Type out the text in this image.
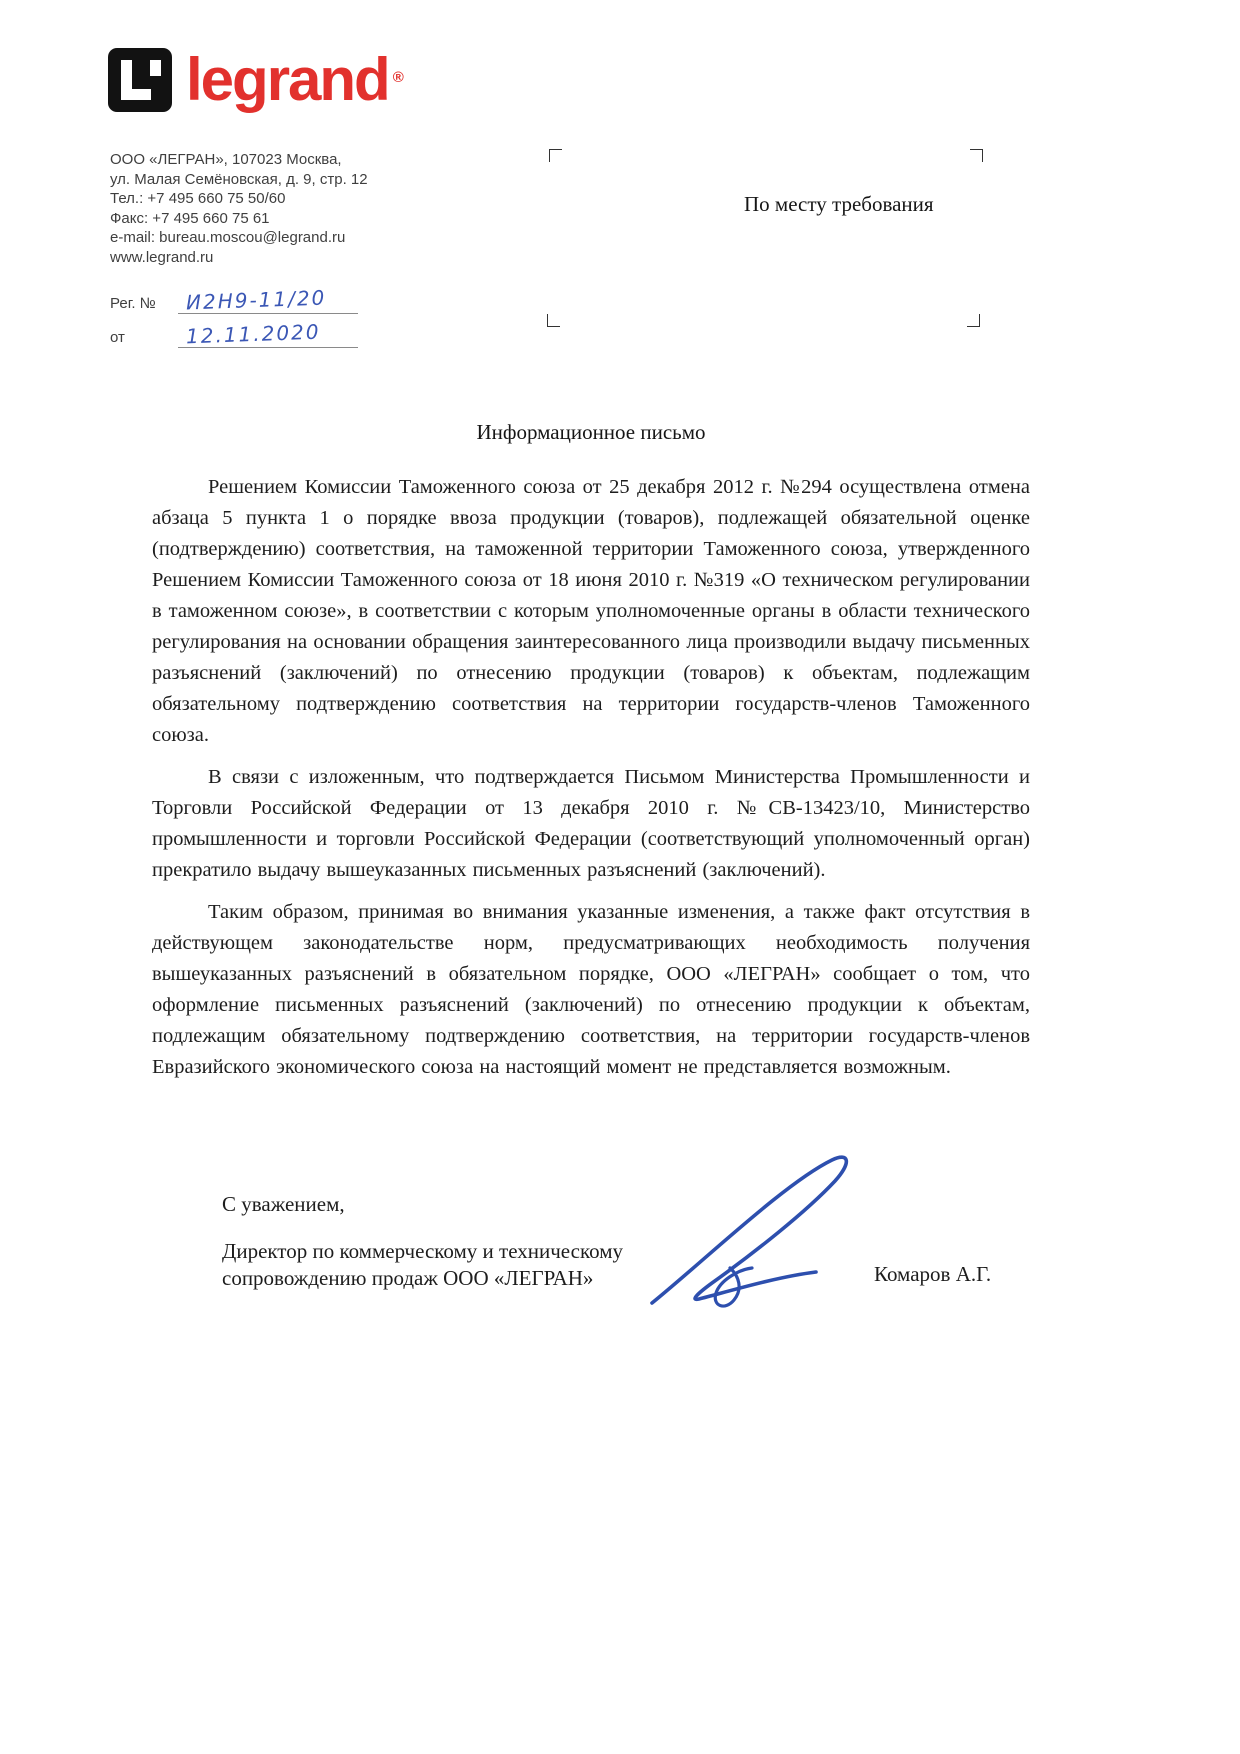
legrand ®
ООО «ЛЕГРАН», 107023 Москва,
ул. Малая Семёновская, д. 9, стр. 12
Тел.: +7 495 660 75 50/60
Факс: +7 495 660 75 61
e-mail: bureau.moscou@legrand.ru
www.legrand.ru
Рег. №	И2Н9-11/20
от	12.11.2020
По месту требования
Информационное письмо

Решением Комиссии Таможенного союза от 25 декабря 2012 г. №294 осуществлена отмена абзаца 5 пункта 1 о порядке ввоза продукции (товаров), подлежащей обязательной оценке (подтверждению) соответствия, на таможенной территории Таможенного союза, утвержденного Решением Комиссии Таможенного союза от 18 июня 2010 г. №319 «О техническом регулировании в таможенном союзе», в соответствии с которым уполномоченные органы в области технического регулирования на основании обращения заинтересованного лица производили выдачу письменных разъяснений (заключений) по отнесению продукции (товаров) к объектам, подлежащим обязательному подтверждению соответствия на территории государств-членов Таможенного союза.

В связи с изложенным, что подтверждается Письмом Министерства Промышленности и Торговли Российской Федерации от 13 декабря 2010 г. №СВ-13423/10, Министерство промышленности и торговли Российской Федерации (соответствующий уполномоченный орган) прекратило выдачу вышеуказанных письменных разъяснений (заключений).

Таким образом, принимая во внимания указанные изменения, а также факт отсутствия в действующем законодательстве норм, предусматривающих необходимость получения вышеуказанных разъяснений в обязательном порядке, ООО «ЛЕГРАН» сообщает о том, что оформление письменных разъяснений (заключений) по отнесению продукции к объектам, подлежащим обязательному подтверждению соответствия, на территории государств-членов Евразийского экономического союза на настоящий момент не представляется возможным.

С уважением,
Директор по коммерческому и техническому сопровождению продаж ООО «ЛЕГРАН»	Комаров А.Г.
